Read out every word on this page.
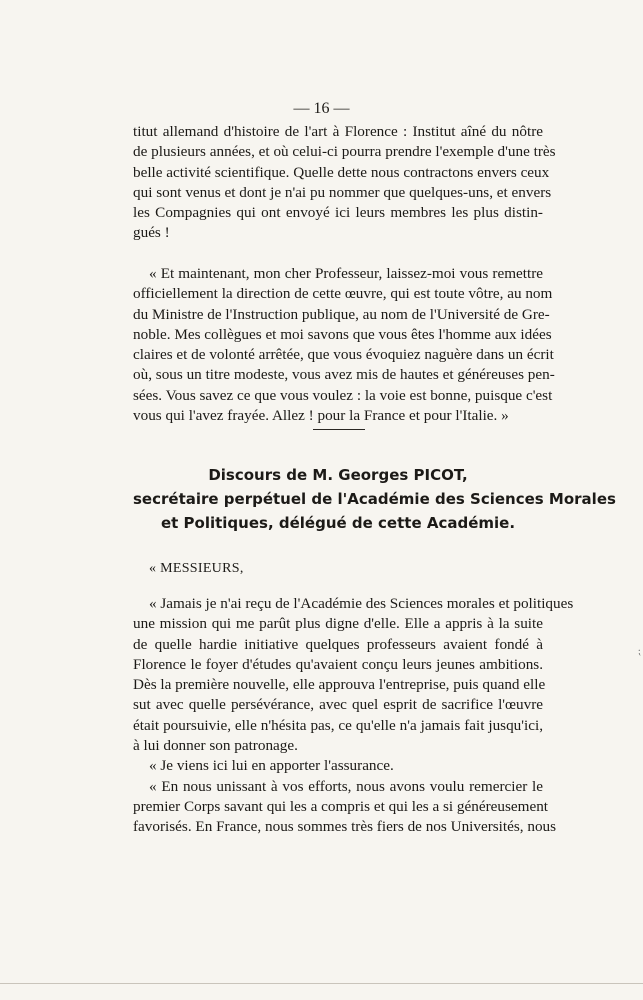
— 16 —
titut allemand d'histoire de l'art à Florence : Institut aîné du nôtre
de plusieurs années, et où celui-ci pourra prendre l'exemple d'une très
belle activité scientifique. Quelle dette nous contractons envers ceux
qui sont venus et dont je n'ai pu nommer que quelques-uns, et envers
les Compagnies qui ont envoyé ici leurs membres les plus distin-
gués !
« Et maintenant, mon cher Professeur, laissez-moi vous remettre
officiellement la direction de cette œuvre, qui est toute vôtre, au nom
du Ministre de l'Instruction publique, au nom de l'Université de Gre-
noble. Mes collègues et moi savons que vous êtes l'homme aux idées
claires et de volonté arrêtée, que vous évoquiez naguère dans un écrit
où, sous un titre modeste, vous avez mis de hautes et généreuses pen-
sées. Vous savez ce que vous voulez : la voie est bonne, puisque c'est
vous qui l'avez frayée. Allez ! pour la France et pour l'Italie. »
Discours de M. Georges PICOT,
secrétaire perpétuel de l'Académie des Sciences Morales
et Politiques, délégué de cette Académie.
« MESSIEURS,
« Jamais je n'ai reçu de l'Académie des Sciences morales et politiques
une mission qui me parût plus digne d'elle. Elle a appris à la suite
de quelle hardie initiative quelques professeurs avaient fondé à
Florence le foyer d'études qu'avaient conçu leurs jeunes ambitions.
Dès la première nouvelle, elle approuva l'entreprise, puis quand elle
sut avec quelle persévérance, avec quel esprit de sacrifice l'œuvre
était poursuivie, elle n'hésita pas, ce qu'elle n'a jamais fait jusqu'ici,
à lui donner son patronage.
« Je viens ici lui en apporter l'assurance.
« En nous unissant à vos efforts, nous avons voulu remercier le
premier Corps savant qui les a compris et qui les a si généreusement
favorisés. En France, nous sommes très fiers de nos Universités, nous
⁏
